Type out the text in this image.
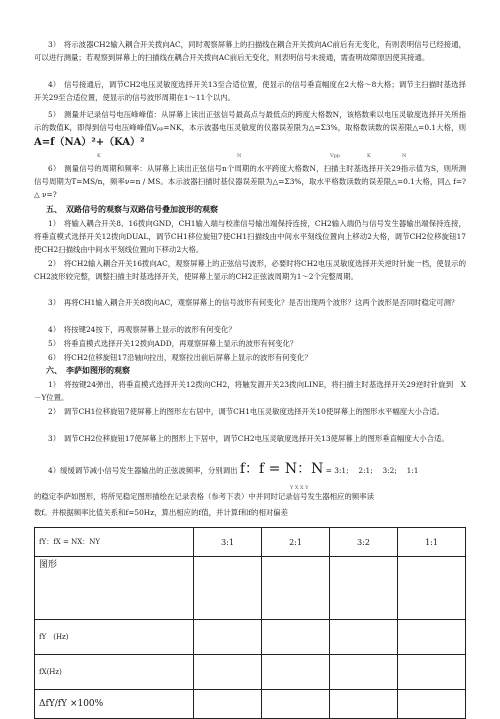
3）　将示波器CH2输入耦合开关拨向AC，同时观察屏幕上的扫描线在耦合开关拨向AC前后有无变化，有则表明信号已经接通，可以进行测量；若观察到屏幕上的扫描线在耦合开关拨向AC前后无变化，则表明信号未接通，需查明故障原因使其接通。
4）　信号接通后，调节CH2电压灵敏度选择开关13至合适位置，使显示的信号垂直幅度在2大格～8大格；调节主扫描时基选择开关29至合适位置，使显示的信号波形周期在1～11个以内。
5）　测量并记录信号电压峰峰值：从屏幕上读出正弦信号最高点与最低点的跨度大格数N，该格数乘以电压灵敏度选择开关所指示的数值K，即得到信号电压峰峰值Vpp=NK，本示波器电压灵敏度的仪器误差限为△=Σ3%，取格数读数的误差限△=0.1大格，则 A=f（NA）²+（KA）²
K	N	Vpp	K	N
6）　测量信号的周期和频率：从屏幕上读出正弦信号n个周期的水平跨度大格数N，扫描主时基选择开关29指示值为S，则所测信号周期为T=MS/n，频率ν=n / MS。本示波器扫描时基仪器误差限为△=Σ3%，取水平格数读数的误差限△=0.1大格，同△ f=?△ ν=?
五、　双路信号的观察与双路信号叠加波形的观察
1）　将输入耦合开关8、16拨向GND，CH1输入端与校准信号输出端保持连接，CH2输入端仍与信号发生器输出端保持连接，将垂直模式选择开关12拨向DUAL，调节CH1移位旋钮7使CH1扫描线由中间水平刻线位置向上移动2大格，调节CH2位移旋钮17使CH2扫描线由中间水平刻线位置向下移动2大格。
2）　将CH2输入耦合开关16拨向AC，观察屏幕上的正弦信号波形，必要时将CH2电压灵敏度选择开关逆时针旋一档，使显示的CH2波形较完整，调整扫描主时基选择开关，使屏幕上显示的CH2正弦波周期为1～2个完整周期。
3）　再将CH1输入耦合开关8拨向AC，观察屏幕上的信号波形有何变化？是否出现两个波形？这两个波形是否同时稳定可测？
4）　将按键24按下，再观察屏幕上显示的波形有何变化？
5）　将垂直模式选择开关12拨向ADD，再观察屏幕上显示的波形有何变化？
6）　将CH2位移旋钮17沿轴向拉出，观察拉出前后屏幕上显示的波形有何变化？
六、　李萨如图形的观察
1）　将按键24弹出，将垂直模式选择开关12拨向CH2，将触发源开关23拨向LINE，将扫描主时基选择开关29逆时针旋到　X－Y位置。
2）　调节CH1位移旋钮7使屏幕上的图形左右居中，调节CH1电压灵敏度选择开关10使屏幕上的图形水平幅度大小合适。
3）　调节CH2位移旋钮17使屏幕上的图形上下居中，调节CH2电压灵敏度选择开关13使屏幕上的图形垂直幅度大小合适。
4）缓缓调节减小信号发生器输出的正弦波频率，分别调出 f：f = N：N = 3:1;　 2:1;　 3:2;　 1:1
Y X X Y
的稳定李萨如图形，将所见稳定图形描绘在记录表格（参考下表）中并同时记录信号发生器相应的频率读
数f。并根据频率比值关系和f=50Hz，算出相应的f值，并计算f和f的相对偏差
fY：fX = NX：NY	3:1	2:1	3:2	1:1
图形				
fY　(Hz)				
fX(Hz)				
ΔfY/fY ×100%				
